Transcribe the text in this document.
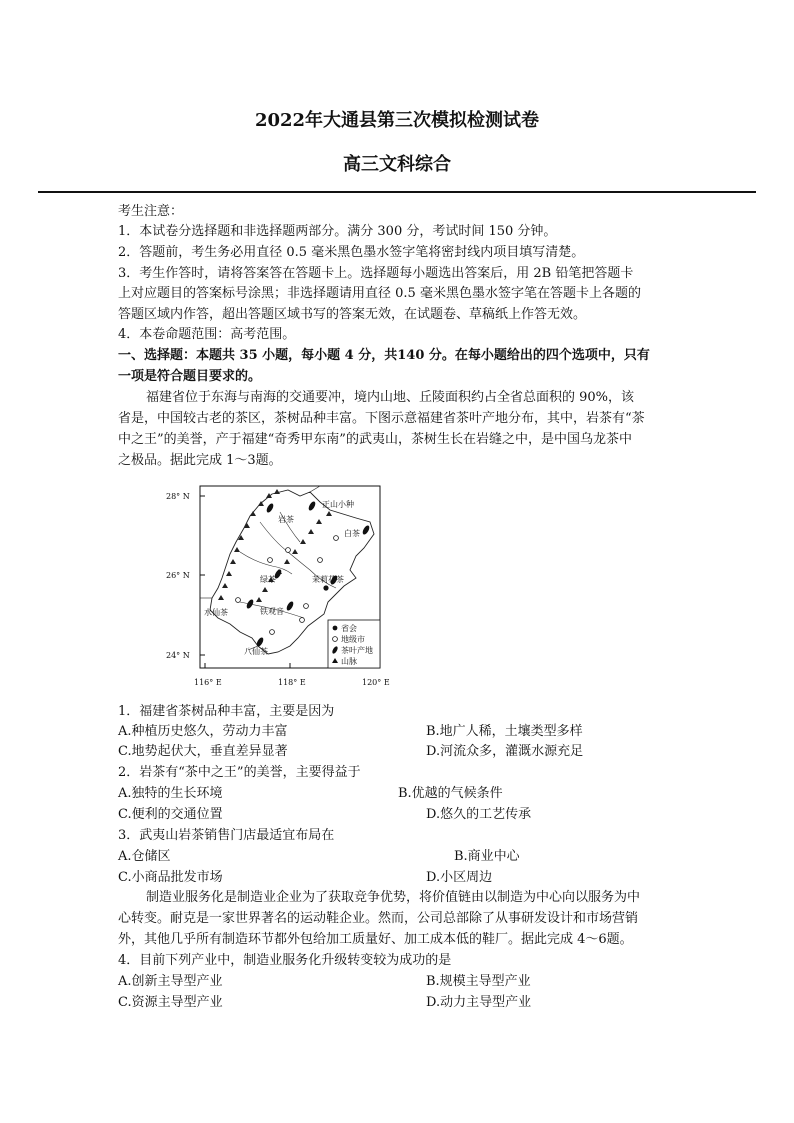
2022年大通县第三次模拟检测试卷
高三文科综合
考生注意：
1．本试卷分选择题和非选择题两部分。满分 300 分，考试时间 150 分钟。
2．答题前，考生务必用直径 0.5 毫米黑色墨水签字笔将密封线内项目填写清楚。
3．考生作答时，请将答案答在答题卡上。选择题每小题选出答案后，用 2B 铅笔把答题卡
上对应题目的答案标号涂黑；非选择题请用直径 0.5 毫米黑色墨水签字笔在答题卡上各题的
答题区域内作答，超出答题区域书写的答案无效，在试题卷、草稿纸上作答无效。
4．本卷命题范围：高考范围。
一、选择题：本题共 35 小题，每小题 4 分，共140 分。在每小题给出的四个选项中，只有
一项是符合题目要求的。
福建省位于东海与南海的交通要冲，境内山地、丘陵面积约占全省总面积的 90%，该
省是，中国较古老的茶区，茶树品种丰富。下图示意福建省茶叶产地分布，其中，岩茶有“茶
中之王”的美誉，产于福建“奇秀甲东南”的武夷山，茶树生长在岩缝之中，是中国乌龙茶中
之极品。据此完成 1～3题。
28° N
26° N
24° N
116° E	118° E	120° E
正山小种
岩茶
白茶
绿茶	茉莉花茶
水仙茶	铁观音
八仙茶
省会
地级市
茶叶产地
山脉
1．福建省茶树品种丰富，主要是因为
A.种植历史悠久，劳动力丰富	B.地广人稀，土壤类型多样
C.地势起伏大，垂直差异显著	D.河流众多，灌溉水源充足
2．岩茶有“茶中之王”的美誉，主要得益于
A.独特的生长环境	B.优越的气候条件
C.便利的交通位置	D.悠久的工艺传承
3．武夷山岩茶销售门店最适宜布局在
A.仓储区	B.商业中心
C.小商品批发市场	D.小区周边
制造业服务化是制造业企业为了获取竞争优势，将价值链由以制造为中心向以服务为中
心转变。耐克是一家世界著名的运动鞋企业。然而，公司总部除了从事研发设计和市场营销
外，其他几乎所有制造环节都外包给加工质量好、加工成本低的鞋厂。据此完成 4～6题。
4．目前下列产业中，制造业服务化升级转变较为成功的是
A.创新主导型产业	B.规模主导型产业
C.资源主导型产业	D.动力主导型产业
